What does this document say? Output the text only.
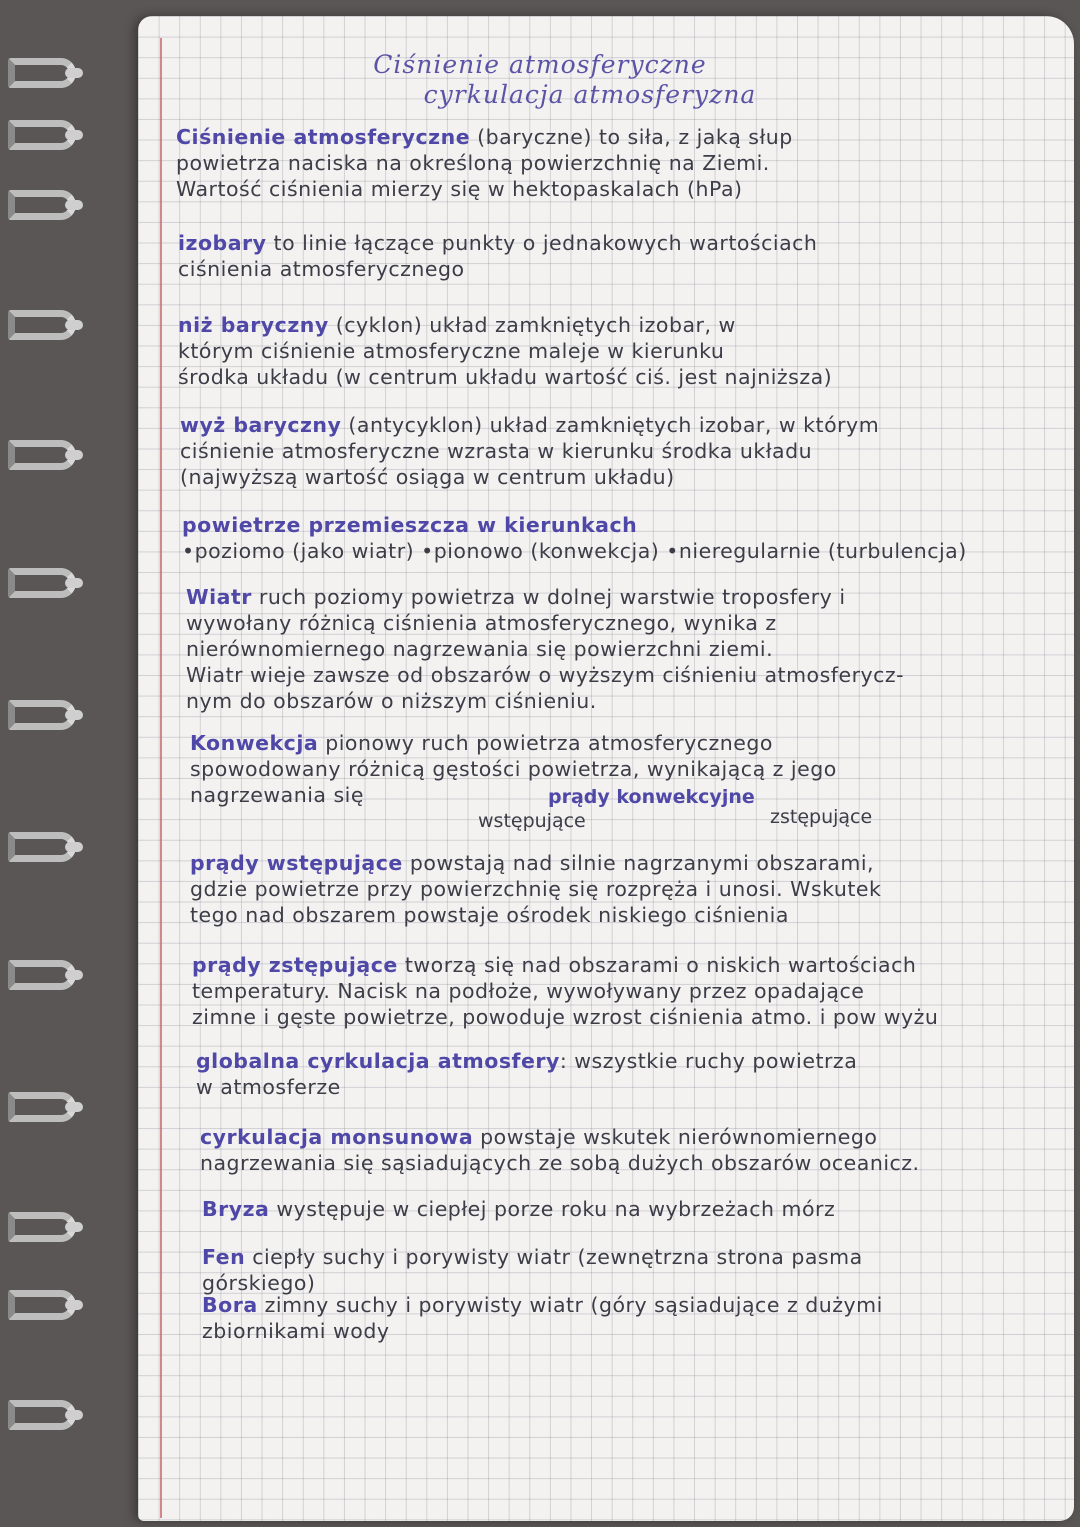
Ciśnienie atmosferyczne
cyrkulacja atmosferyzna
Ciśnienie atmosferyczne (baryczne) to siła, z jaką słup
powietrza naciska na określoną powierzchnię na Ziemi.
Wartość ciśnienia mierzy się w hektopaskalach (hPa)
izobary to linie łączące punkty o jednakowych wartościach
ciśnienia atmosferycznego
niż baryczny (cyklon) układ zamkniętych izobar, w
którym ciśnienie atmosferyczne maleje w kierunku
środka układu (w centrum układu wartość ciś. jest najniższa)
wyż baryczny (antycyklon) układ zamkniętych izobar, w którym
ciśnienie atmosferyczne wzrasta w kierunku środka układu
(najwyższą wartość osiąga w centrum układu)
powietrze przemieszcza w kierunkach
•poziomo (jako wiatr) •pionowo (konwekcja) •nieregularnie (turbulencja)
Wiatr ruch poziomy powietrza w dolnej warstwie troposfery i
wywołany różnicą ciśnienia atmosferycznego, wynika z
nierównomiernego nagrzewania się powierzchni ziemi.
Wiatr wieje zawsze od obszarów o wyższym ciśnieniu atmosferycz-
nym do obszarów o niższym ciśnieniu.
Konwekcja pionowy ruch powietrza atmosferycznego
spowodowany różnicą gęstości powietrza, wynikającą z jego
nagrzewania się	prądy konwekcyjne
wstępujące	zstępujące
prądy wstępujące powstają nad silnie nagrzanymi obszarami,
gdzie powietrze przy powierzchnię się rozpręża i unosi. Wskutek
tego nad obszarem powstaje ośrodek niskiego ciśnienia
prądy zstępujące tworzą się nad obszarami o niskich wartościach
temperatury. Nacisk na podłoże, wywoływany przez opadające
zimne i gęste powietrze, powoduje wzrost ciśnienia atmo. i pow wyżu
globalna cyrkulacja atmosfery: wszystkie ruchy powietrza
w atmosferze
cyrkulacja monsunowa powstaje wskutek nierównomiernego
nagrzewania się sąsiadujących ze sobą dużych obszarów oceanicz.
Bryza występuje w ciepłej porze roku na wybrzeżach mórz
Fen ciepły suchy i porywisty wiatr (zewnętrzna strona pasma
górskiego)
Bora zimny suchy i porywisty wiatr (góry sąsiadujące z dużymi
zbiornikami wody
